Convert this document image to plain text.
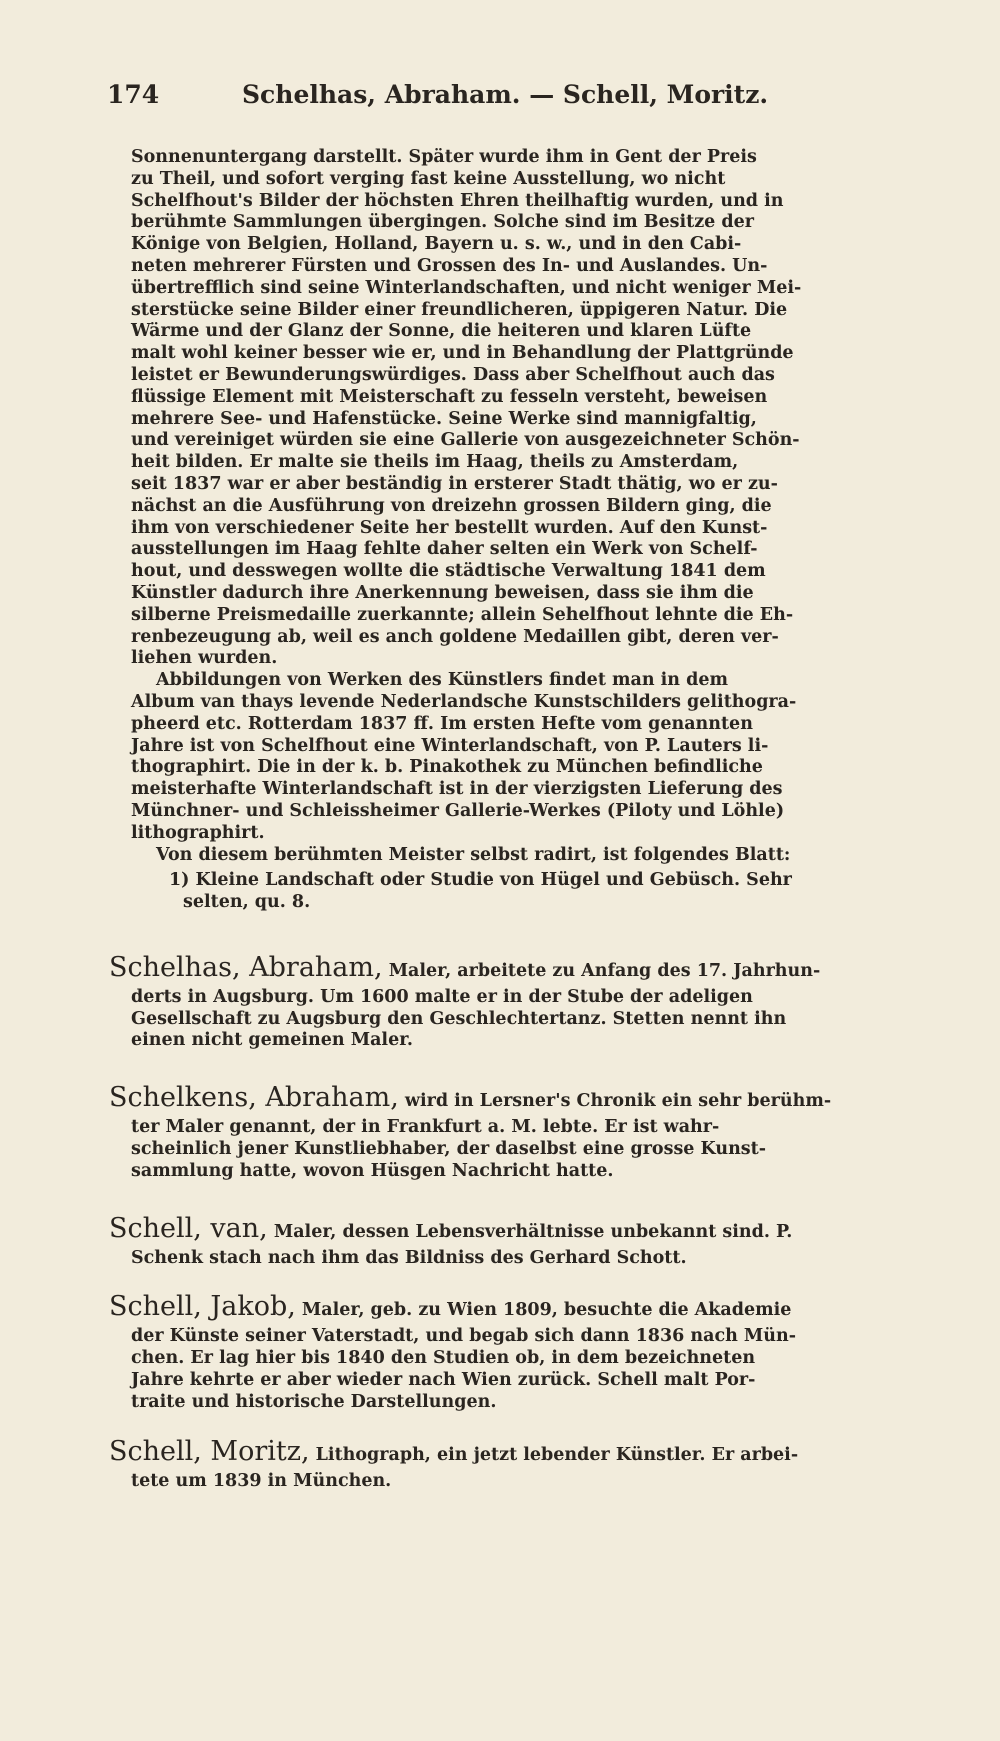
174	Schelhas, Abraham. — Schell, Moritz.
Sonnenuntergang darstellt. Später wurde ihm in Gent der Preis
zu Theil, und sofort verging fast keine Ausstellung, wo nicht
Schelfhout's Bilder der höchsten Ehren theilhaftig wurden, und in
berühmte Sammlungen übergingen. Solche sind im Besitze der
Könige von Belgien, Holland, Bayern u. s. w., und in den Cabi-
neten mehrerer Fürsten und Grossen des In- und Auslandes. Un-
übertrefflich sind seine Winterlandschaften, und nicht weniger Mei-
sterstücke seine Bilder einer freundlicheren, üppigeren Natur. Die
Wärme und der Glanz der Sonne, die heiteren und klaren Lüfte
malt wohl keiner besser wie er, und in Behandlung der Plattgründe
leistet er Bewunderungswürdiges. Dass aber Schelfhout auch das
flüssige Element mit Meisterschaft zu fesseln versteht, beweisen
mehrere See- und Hafenstücke. Seine Werke sind mannigfaltig,
und vereiniget würden sie eine Gallerie von ausgezeichneter Schön-
heit bilden. Er malte sie theils im Haag, theils zu Amsterdam,
seit 1837 war er aber beständig in ersterer Stadt thätig, wo er zu-
nächst an die Ausführung von dreizehn grossen Bildern ging, die
ihm von verschiedener Seite her bestellt wurden. Auf den Kunst-
ausstellungen im Haag fehlte daher selten ein Werk von Schelf-
hout, und desswegen wollte die städtische Verwaltung 1841 dem
Künstler dadurch ihre Anerkennung beweisen, dass sie ihm die
silberne Preismedaille zuerkannte; allein Sehelfhout lehnte die Eh-
renbezeugung ab, weil es anch goldene Medaillen gibt, deren ver-
liehen wurden.
Abbildungen von Werken des Künstlers findet man in dem
Album van thays levende Nederlandsche Kunstschilders gelithogra-
pheerd etc. Rotterdam 1837 ff. Im ersten Hefte vom genannten
Jahre ist von Schelfhout eine Winterlandschaft, von P. Lauters li-
thographirt. Die in der k. b. Pinakothek zu München befindliche
meisterhafte Winterlandschaft ist in der vierzigsten Lieferung des
Münchner- und Schleissheimer Gallerie-Werkes (Piloty und Löhle)
lithographirt.
Von diesem berühmten Meister selbst radirt, ist folgendes Blatt:
1) Kleine Landschaft oder Studie von Hügel und Gebüsch. Sehr
selten, qu. 8.
Schelhas, Abraham, Maler, arbeitete zu Anfang des 17. Jahrhun-
derts in Augsburg. Um 1600 malte er in der Stube der adeligen
Gesellschaft zu Augsburg den Geschlechtertanz. Stetten nennt ihn
einen nicht gemeinen Maler.
Schelkens, Abraham, wird in Lersner's Chronik ein sehr berühm-
ter Maler genannt, der in Frankfurt a. M. lebte. Er ist wahr-
scheinlich jener Kunstliebhaber, der daselbst eine grosse Kunst-
sammlung hatte, wovon Hüsgen Nachricht hatte.
Schell, van, Maler, dessen Lebensverhältnisse unbekannt sind. P.
Schenk stach nach ihm das Bildniss des Gerhard Schott.
Schell, Jakob, Maler, geb. zu Wien 1809, besuchte die Akademie
der Künste seiner Vaterstadt, und begab sich dann 1836 nach Mün-
chen. Er lag hier bis 1840 den Studien ob, in dem bezeichneten
Jahre kehrte er aber wieder nach Wien zurück. Schell malt Por-
traite und historische Darstellungen.
Schell, Moritz, Lithograph, ein jetzt lebender Künstler. Er arbei-
tete um 1839 in München.
